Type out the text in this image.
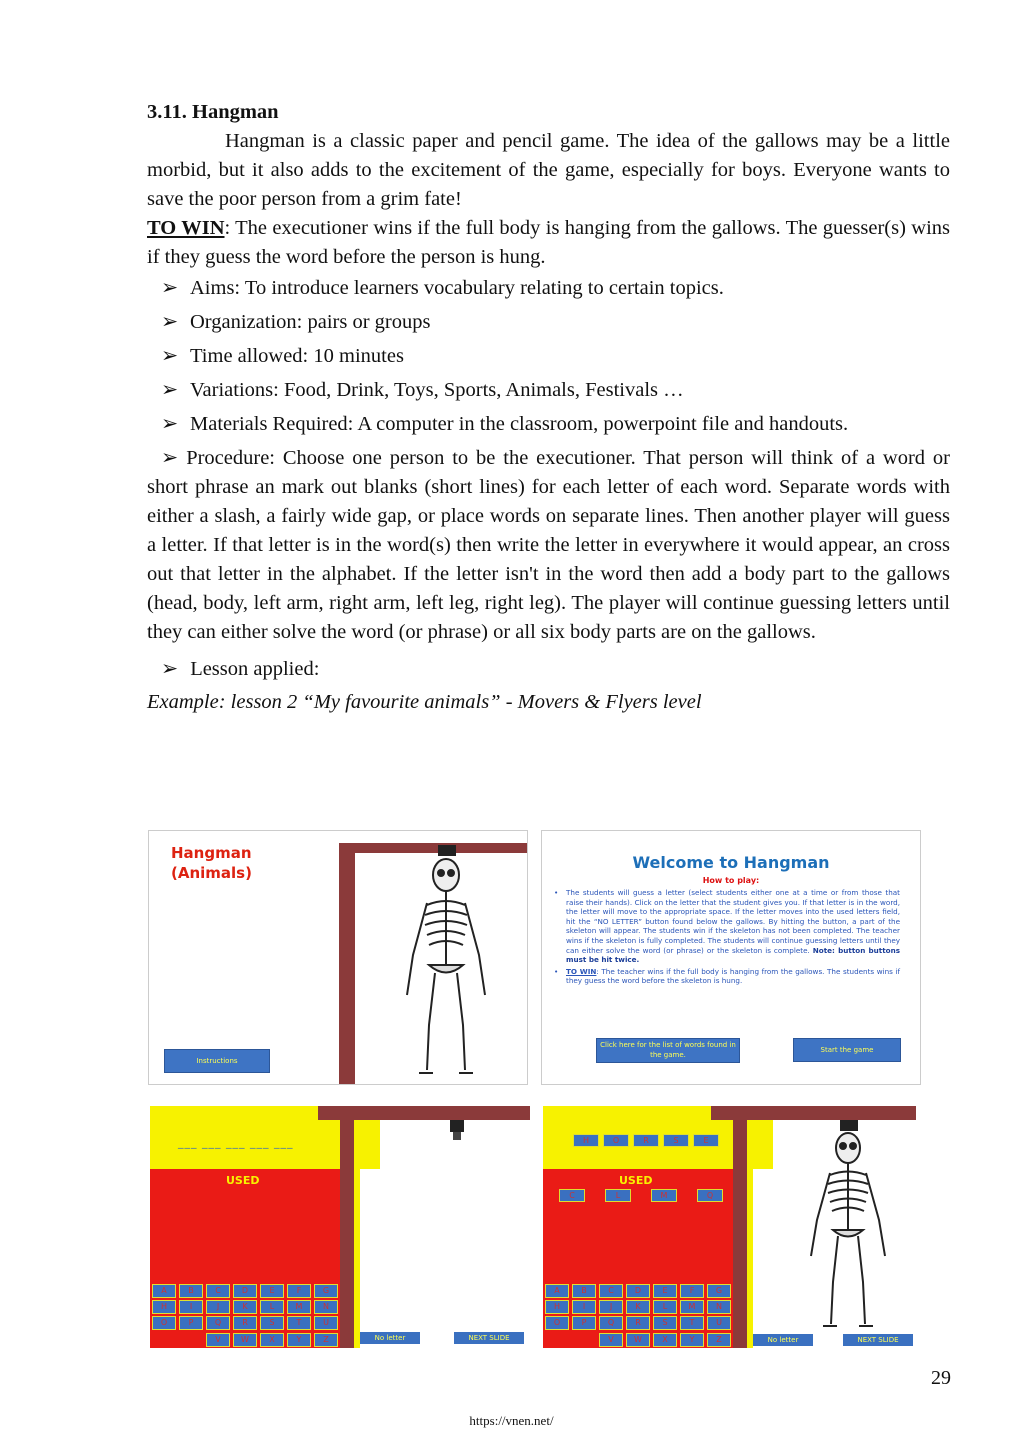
3.11. Hangman

Hangman is a classic paper and pencil game. The idea of the gallows may be a little morbid, but it also adds to the excitement of the game, especially for boys. Everyone wants to save the poor person from a grim fate!

TO WIN: The executioner wins if the full body is hanging from the gallows. The guesser(s) wins if they guess the word before the person is hung.

➢ Aims: To introduce learners vocabulary relating to certain topics.
➢ Organization: pairs or groups
➢ Time allowed: 10 minutes
➢ Variations: Food, Drink, Toys, Sports, Animals, Festivals …
➢ Materials Required: A computer in the classroom, powerpoint file and handouts.

➢ Procedure: Choose one person to be the executioner. That person will think of a word or short phrase an mark out blanks (short lines) for each letter of each word. Separate words with either a slash, a fairly wide gap, or place words on separate lines. Then another player will guess a letter. If that letter is in the word(s) then write the letter in everywhere it would appear, an cross out that letter in the alphabet. If the letter isn't in the word then add a body part to the gallows (head, body, left arm, right arm, left leg, right leg). The player will continue guessing letters until they can either solve the word (or phrase) or all six body parts are on the gallows.

➢ Lesson applied:

Example: lesson 2 “My favourite animals” - Movers & Flyers level

Hangman
(Animals)
Instructions
Welcome to Hangman
How to play:
• The students will guess a letter (select students either one at a time or from those that raise their hands). Click on the letter that the student gives you. If that letter is in the word, the letter will move to the appropriate space. If the letter moves into the used letters field, hit the “NO LETTER” button found below the gallows. By hitting the button, a part of the skeleton will appear. The students win if the skeleton has not been completed. The teacher wins if the skeleton is fully completed. The students will continue guessing letters until they can either solve the word (or phrase) or the skeleton is complete. Note: button buttons must be hit twice.
• TO WIN: The teacher wins if the full body is hanging from the gallows. The students wins if they guess the word before the skeleton is hung.
Click here for the list of words found in the game.
Start the game
___ ___ ___ ___ ___
USED
A	B	C	D	E	F	G
H	I	J	K	L	M	N
O	P	Q	R	S	T	U
V	W	X	Y	Z	No letter	NEXT SLIDE
H	O	R	S	E
USED
C	L	M	Q
A	B	C	D	E	F	G
H	I	J	K	L	M	N
O	P	Q	R	S	T	U
V	W	X	Y	Z	No letter	NEXT SLIDE
29
https://vnen.net/
